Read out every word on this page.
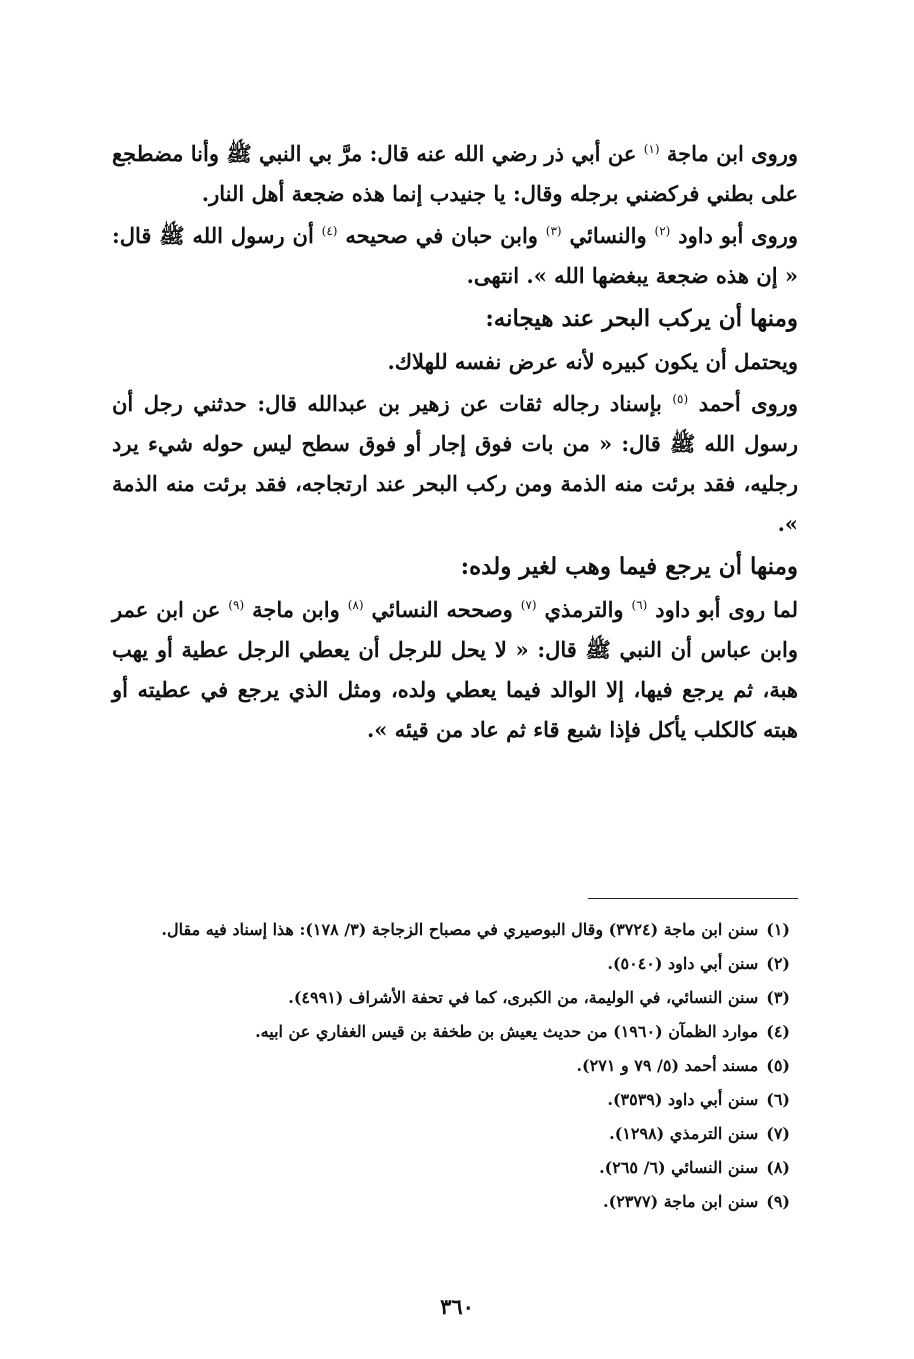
وروى ابن ماجة $^{(١)}$ عن أبي ذر رضي الله عنه قال: مرَّ بي النبي ﷺ وأنا مضطجع على بطني فركضني برجله وقال: يا جنيدب إنما هذه ضجعة أهل النار.

وروى أبو داود $^{(٢)}$ والنسائي $^{(٣)}$ وابن حبان في صحيحه $^{(٤)}$ أن رسول الله ﷺ قال: « إن هذه ضجعة يبغضها الله ». انتهى.

ومنها أن يركب البحر عند هيجانه:

ويحتمل أن يكون كبيره لأنه عرض نفسه للهلاك.

وروى أحمد $^{(٥)}$ بإسناد رجاله ثقات عن زهير بن عبدالله قال: حدثني رجل أن رسول الله ﷺ قال: « من بات فوق إجار أو فوق سطح ليس حوله شيء يرد رجليه، فقد برئت منه الذمة ومن ركب البحر عند ارتجاجه، فقد برئت منه الذمة ».

ومنها أن يرجع فيما وهب لغير ولده:

لما روى أبو داود $^{(٦)}$ والترمذي $^{(٧)}$ وصححه النسائي $^{(٨)}$ وابن ماجة $^{(٩)}$ عن ابن عمر وابن عباس أن النبي ﷺ قال: « لا يحل للرجل أن يعطي الرجل عطية أو يهب هبة، ثم يرجع فيها، إلا الوالد فيما يعطي ولده، ومثل الذي يرجع في عطيته أو هبته كالكلب يأكل فإذا شبع قاء ثم عاد من قيئه ».

(١)
سنن ابن ماجة (٣٧٢٤) وقال البوصيري في مصباح الزجاجة (٣/ ١٧٨): هذا إسناد فيه مقال.
(٢)
سنن أبي داود (٥٠٤٠).
(٣)
سنن النسائي، في الوليمة، من الكبرى، كما في تحفة الأشراف (٤٩٩١).
(٤)
موارد الظمآن (١٩٦٠) من حديث يعيش بن طخفة بن قيس الغفاري عن ابيه.
(٥)
مسند أحمد (٥/ ٧٩ و ٢٧١).
(٦)
سنن أبي داود (٣٥٣٩).
(٧)
سنن الترمذي (١٢٩٨).
(٨)
سنن النسائي (٦/ ٢٦٥).
(٩)
سنن ابن ماجة (٢٣٧٧).
٣٦٠
